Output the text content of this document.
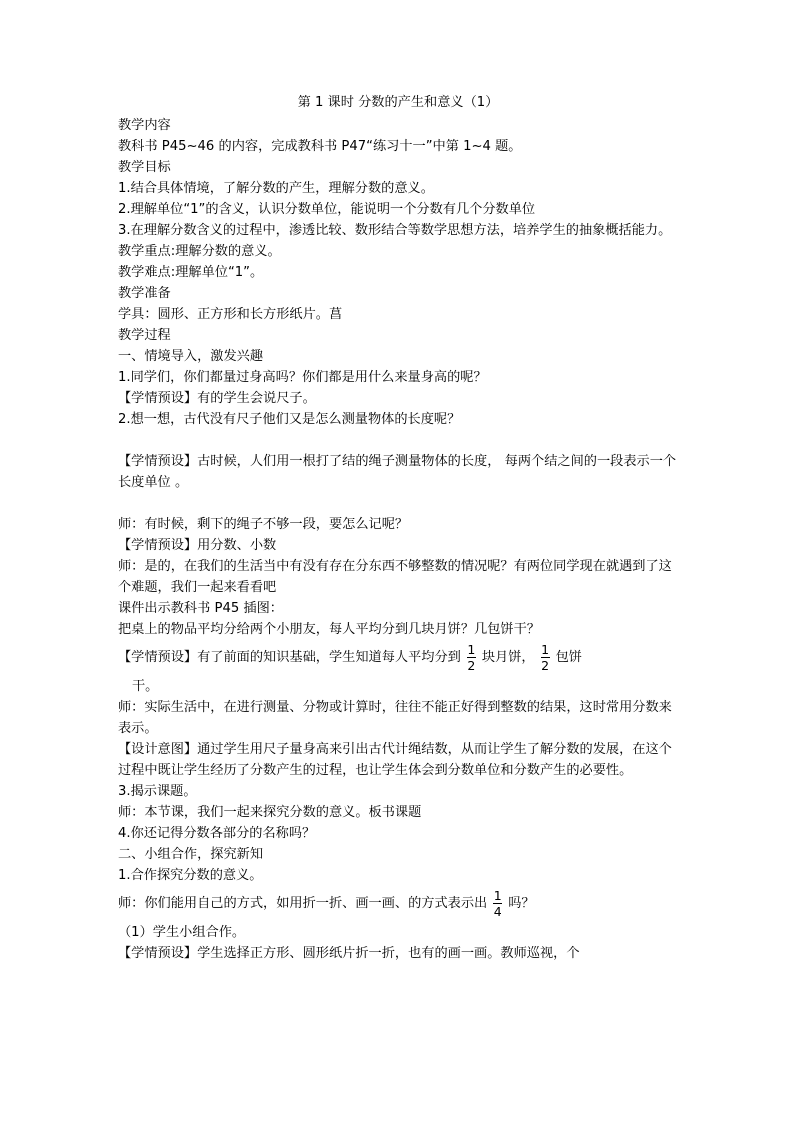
第 1 课时 分数的产生和意义（1）

教学内容

教科书 P45~46 的内容，完成教科书 P47“练习十一”中第 1~4 题。

教学目标

1.结合具体情境，了解分数的产生，理解分数的意义。

2.理解单位“1”的含义，认识分数单位，能说明一个分数有几个分数单位

3.在理解分数含义的过程中，渗透比较、数形结合等数学思想方法，培养学生的抽象概括能力。

教学重点:理解分数的意义。

教学难点:理解单位“1”。

教学准备

学具：圆形、正方形和长方形纸片。菖

教学过程

一、情境导入，激发兴趣

1.同学们，你们都量过身高吗？你们都是用什么来量身高的呢？

【学情预设】有的学生会说尺子。

2.想一想，古代没有尺子他们又是怎么测量物体的长度呢？

【学情预设】古时候，人们用一根打了结的绳子测量物体的长度， 每两个结之间的一段表示一个长度单位 。

师：有时候，剩下的绳子不够一段，要怎么记呢？

【学情预设】用分数、小数

师：是的，在我们的生活当中有没有存在分东西不够整数的情况呢？有两位同学现在就遇到了这个难题，我们一起来看看吧

课件出示教科书 P45 插图：

把桌上的物品平均分给两个小朋友，每人平均分到几块月饼？几包饼干？

【学情预设】有了前面的知识基础，学生知道每人平均分到 $\frac{1}{2}$ 块月饼， $\frac{1}{2}$ 包饼

干。

师：实际生活中，在进行测量、分物或计算时，往往不能正好得到整数的结果，这时常用分数来表示。

【设计意图】通过学生用尺子量身高来引出古代计绳结数，从而让学生了解分数的发展，在这个过程中既让学生经历了分数产生的过程，也让学生体会到分数单位和分数产生的必要性。

3.揭示课题。

师：本节课，我们一起来探究分数的意义。板书课题

4.你还记得分数各部分的名称吗？

二、小组合作，探究新知

1.合作探究分数的意义。

师：你们能用自己的方式，如用折一折、画一画、的方式表示出 $\frac{1}{4}$ 吗？

（1）学生小组合作。

【学情预设】学生选择正方形、圆形纸片折一折，也有的画一画。教师巡视，个
